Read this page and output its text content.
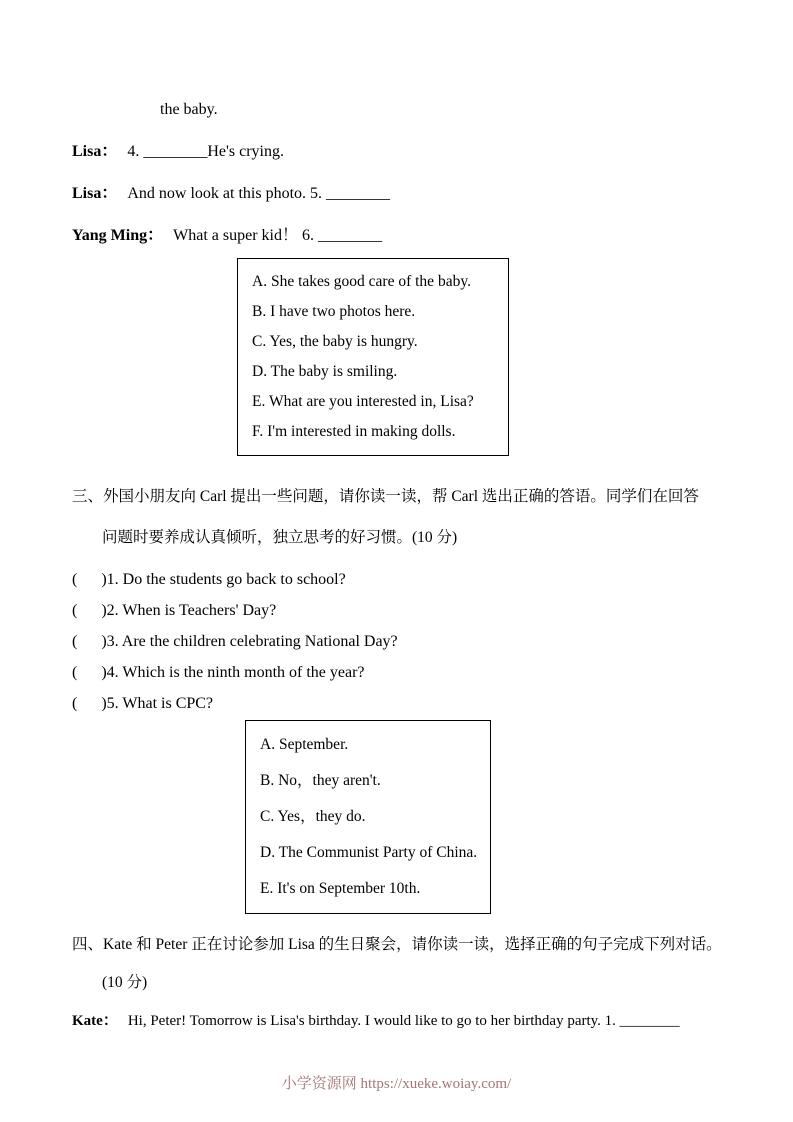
the baby.
Lisa： 4. ________He's crying.
Lisa： And now look at this photo. 5. ________
Yang Ming： What a super kid！ 6. ________
A. She takes good care of the baby.
B. I have two photos here.
C. Yes, the baby is hungry.
D. The baby is smiling.
E. What are you interested in, Lisa?
F. I'm interested in making dolls.
三、外国小朋友向 Carl 提出一些问题，请你读一读，帮 Carl 选出正确的答语。同学们在回答
问题时要养成认真倾听，独立思考的好习惯。(10 分)
(      )1. Do the students go back to school?
(      )2. When is Teachers' Day?
(      )3. Are the children celebrating National Day?
(      )4. Which is the ninth month of the year?
(      )5. What is CPC?
A. September.
B. No，they aren't.
C. Yes，they do.
D. The Communist Party of China.
E. It's on September 10th.
四、Kate 和 Peter 正在讨论参加 Lisa 的生日聚会，请你读一读，选择正确的句子完成下列对话。
(10 分)
Kate： Hi, Peter! Tomorrow is Lisa's birthday. I would like to go to her birthday party. 1. ________
小学资源网 https://xueke.woiay.com/
